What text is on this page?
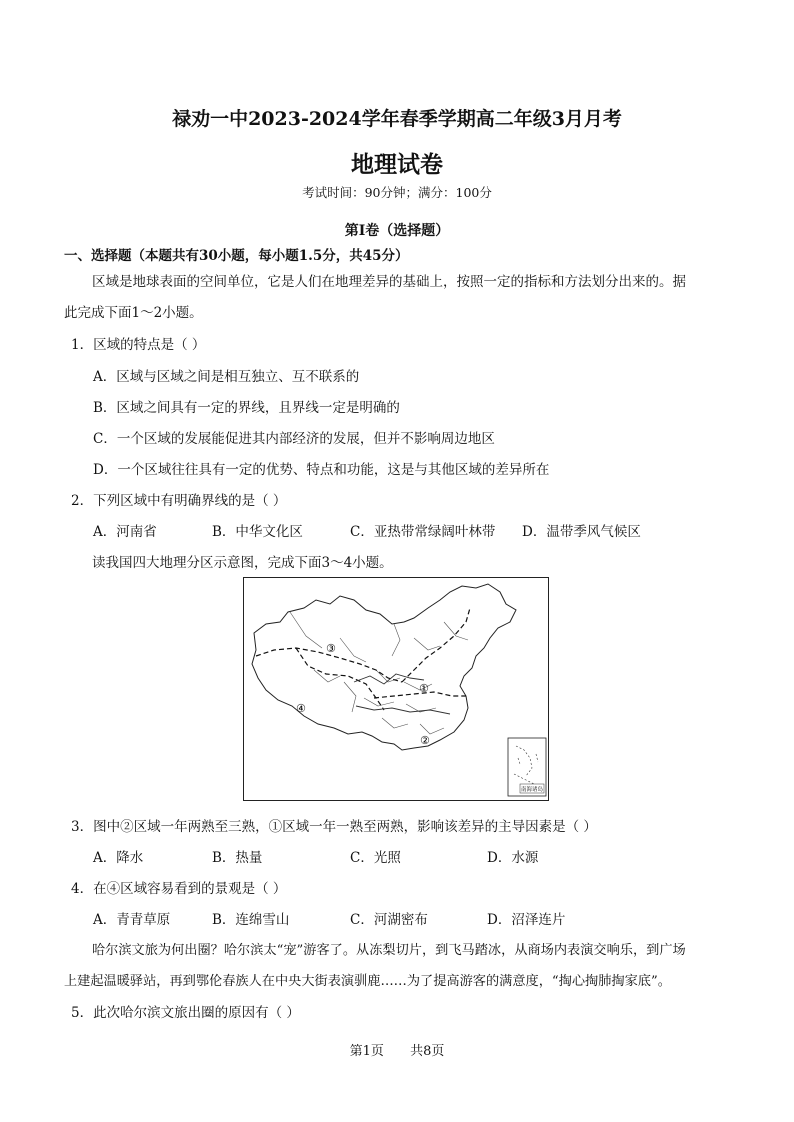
禄劝一中2023-2024学年春季学期高二年级3月月考
地理试卷
考试时间：90分钟；满分：100分
第Ⅰ卷（选择题）
一、选择题（本题共有30小题，每小题1.5分，共45分）
区域是地球表面的空间单位，它是人们在地理差异的基础上，按照一定的指标和方法划分出来的。据
此完成下面1～2小题。
1．区域的特点是（ ）
A．区域与区域之间是相互独立、互不联系的
B．区域之间具有一定的界线，且界线一定是明确的
C．一个区域的发展能促进其内部经济的发展，但并不影响周边地区
D．一个区域往往具有一定的优势、特点和功能，这是与其他区域的差异所在
2．下列区域中有明确界线的是（ ）
A．河南省	B．中华文化区	C．亚热带常绿阔叶林带 D．温带季风气候区
读我国四大地理分区示意图，完成下面3～4小题。
③
①
④
②
南海诸岛
3．图中②区域一年两熟至三熟，①区域一年一熟至两熟，影响该差异的主导因素是（ ）
A．降水	B．热量	C．光照	D．水源
4．在④区域容易看到的景观是（ ）
A．青青草原	B．连绵雪山	C．河湖密布	D．沼泽连片
哈尔滨文旅为何出圈？哈尔滨太“宠”游客了。从冻梨切片，到飞马踏冰，从商场内表演交响乐，到广场
上建起温暖驿站，再到鄂伦春族人在中央大街表演驯鹿……为了提高游客的满意度，“掏心掏肺掏家底”。
5．此次哈尔滨文旅出圈的原因有（ ）
第1页 共8页
